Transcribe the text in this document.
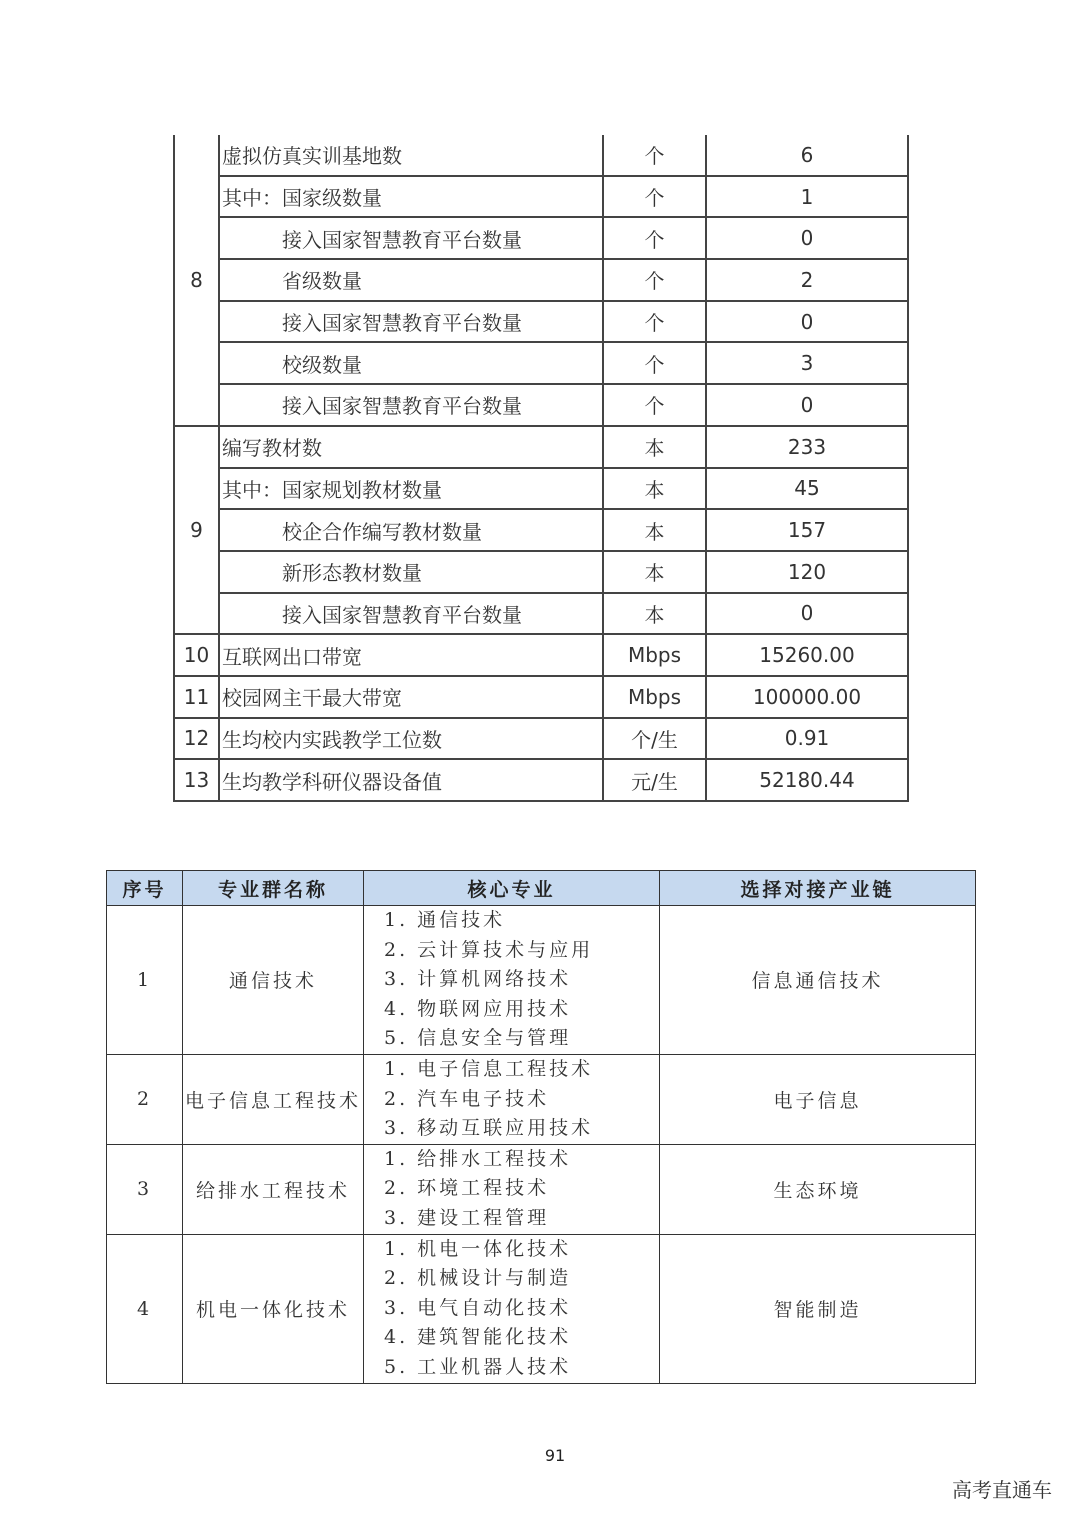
8	虚拟仿真实训基地数	个	6
	其中：国家级数量	个	1
	接入国家智慧教育平台数量	个	0
	省级数量	个	2
	接入国家智慧教育平台数量	个	0
	校级数量	个	3
	接入国家智慧教育平台数量	个	0
9	编写教材数	本	233
	其中：国家规划教材数量	本	45
	校企合作编写教材数量	本	157
	新形态教材数量	本	120
	接入国家智慧教育平台数量	本	0
10	互联网出口带宽	Mbps	15260.00
11	校园网主干最大带宽	Mbps	100000.00
12	生均校内实践教学工位数	个/生	0.91
13	生均教学科研仪器设备值	元/生	52180.44
序号	专业群名称	核心专业	选择对接产业链
1	通信技术	1. 通信技术
2. 云计算技术与应用
3. 计算机网络技术
4. 物联网应用技术
5. 信息安全与管理	信息通信技术
2	电子信息工程技术	1. 电子信息工程技术
2. 汽车电子技术
3. 移动互联应用技术	电子信息
3	给排水工程技术	1. 给排水工程技术
2. 环境工程技术
3. 建设工程管理	生态环境
4	机电一体化技术	1. 机电一体化技术
2. 机械设计与制造
3. 电气自动化技术
4. 建筑智能化技术
5. 工业机器人技术	智能制造
91
高考直通车
